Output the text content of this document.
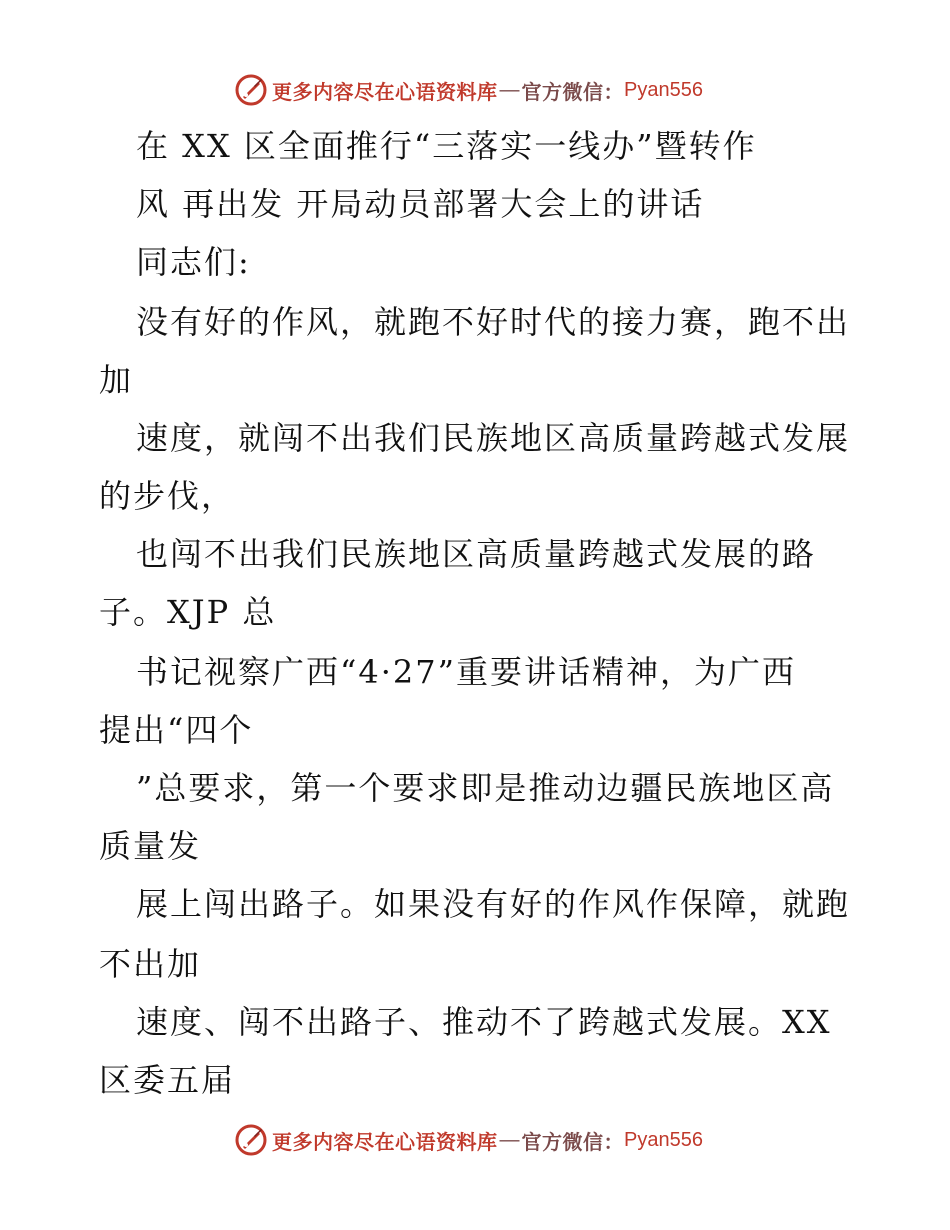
更多内容尽在心语资料库 — 官方微信： Pyan556
在 XX 区全面推行“三落实一线办”暨转作
风 再出发 开局动员部署大会上的讲话
同志们:
没有好的作风，就跑不好时代的接力赛，跑不出
加
速度，就闯不出我们民族地区高质量跨越式发展
的步伐，
也闯不出我们民族地区高质量跨越式发展的路
子。XJP 总
书记视察广西“4·27”重要讲话精神，为广西
提出“四个
”总要求，第一个要求即是推动边疆民族地区高
质量发
展上闯出路子。如果没有好的作风作保障，就跑
不出加
速度、闯不出路子、推动不了跨越式发展。XX
区委五届
更多内容尽在心语资料库 — 官方微信： Pyan556
